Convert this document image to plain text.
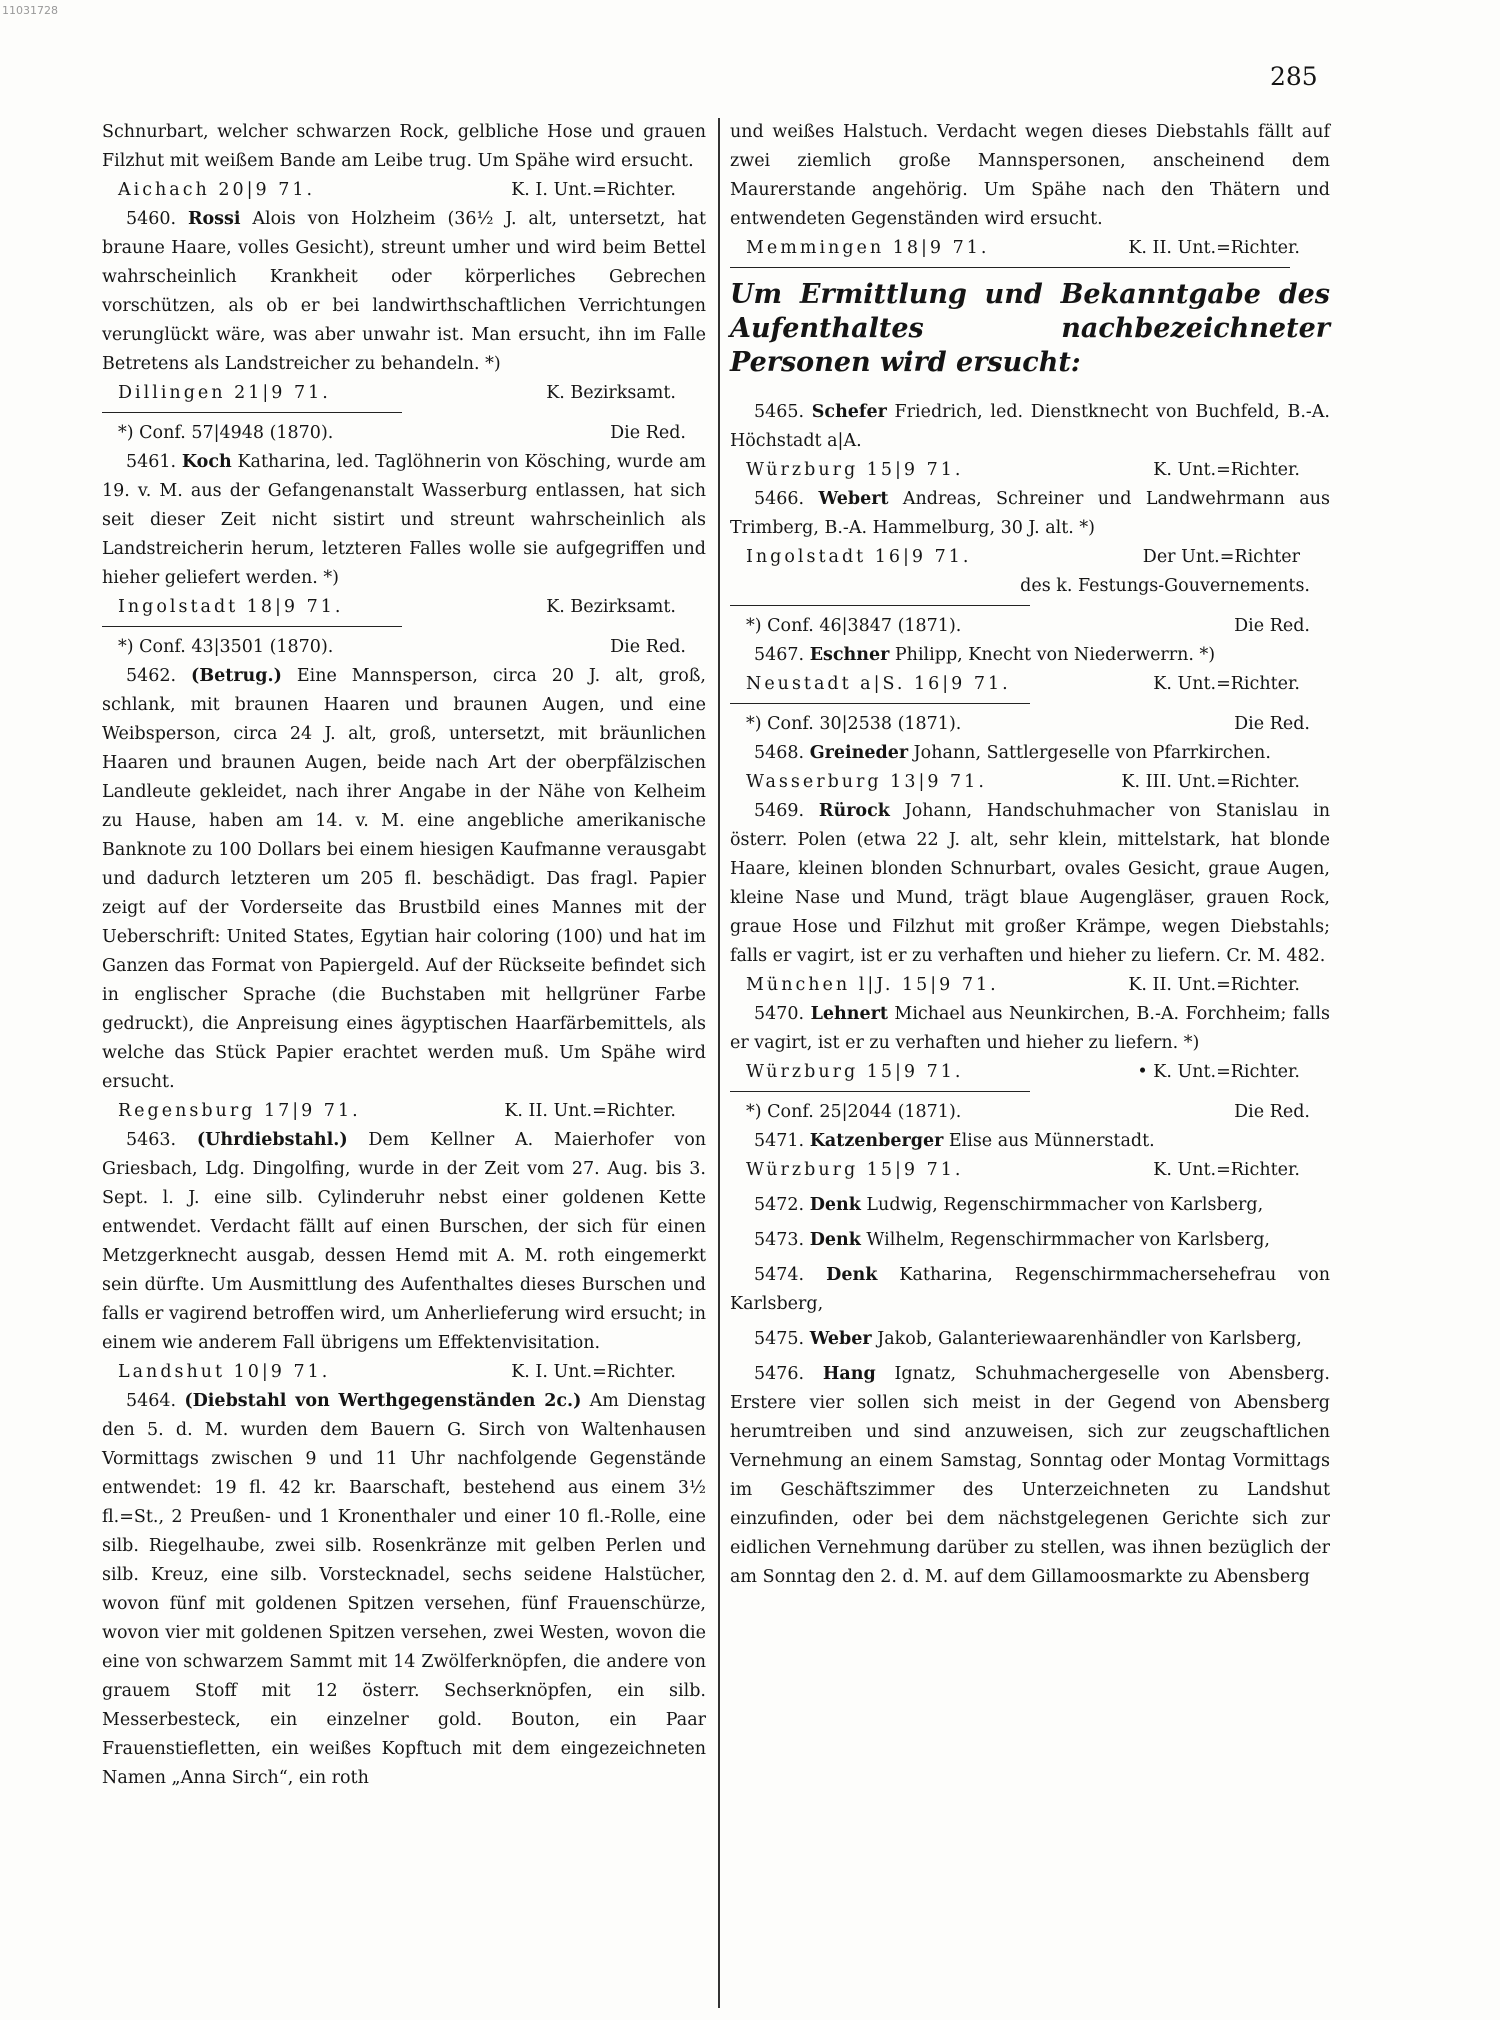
11031728
285

Schnurbart, welcher schwarzen Rock, gelbliche Hose und grauen Filzhut mit weißem Bande am Leibe trug. Um Spähe wird ersucht.

Aichach 20|9 71.	K. I. Unt.=Richter.

5460. Rossi Alois von Holzheim (36½ J. alt, untersetzt, hat braune Haare, volles Gesicht), streunt umher und wird beim Bettel wahrscheinlich Krankheit oder körperliches Gebrechen vorschützen, als ob er bei landwirthschaftlichen Verrichtungen verunglückt wäre, was aber unwahr ist. Man ersucht, ihn im Falle Betretens als Landstreicher zu behandeln. *)

Dillingen 21|9 71.	K. Bezirksamt.
*) Conf. 57|4948 (1870).	Die Red.

5461. Koch Katharina, led. Taglöhnerin von Kösching, wurde am 19. v. M. aus der Gefangenanstalt Wasserburg entlassen, hat sich seit dieser Zeit nicht sistirt und streunt wahrscheinlich als Landstreicherin herum, letzteren Falles wolle sie aufgegriffen und hieher geliefert werden. *)

Ingolstadt 18|9 71.	K. Bezirksamt.
*) Conf. 43|3501 (1870).	Die Red.

5462. (Betrug.) Eine Mannsperson, circa 20 J. alt, groß, schlank, mit braunen Haaren und braunen Augen, und eine Weibsperson, circa 24 J. alt, groß, untersetzt, mit bräunlichen Haaren und braunen Augen, beide nach Art der oberpfälzischen Landleute gekleidet, nach ihrer Angabe in der Nähe von Kelheim zu Hause, haben am 14. v. M. eine angebliche amerikanische Banknote zu 100 Dollars bei einem hiesigen Kaufmanne verausgabt und dadurch letzteren um 205 fl. beschädigt. Das fragl. Papier zeigt auf der Vorderseite das Brustbild eines Mannes mit der Ueberschrift: United States, Egytian hair coloring (100) und hat im Ganzen das Format von Papiergeld. Auf der Rückseite befindet sich in englischer Sprache (die Buchstaben mit hellgrüner Farbe gedruckt), die Anpreisung eines ägyptischen Haarfärbemittels, als welche das Stück Papier erachtet werden muß. Um Spähe wird ersucht.

Regensburg 17|9 71.	K. II. Unt.=Richter.

5463. (Uhrdiebstahl.) Dem Kellner A. Maierhofer von Griesbach, Ldg. Dingolfing, wurde in der Zeit vom 27. Aug. bis 3. Sept. l. J. eine silb. Cylinderuhr nebst einer goldenen Kette entwendet. Verdacht fällt auf einen Burschen, der sich für einen Metzgerknecht ausgab, dessen Hemd mit A. M. roth eingemerkt sein dürfte. Um Ausmittlung des Aufenthaltes dieses Burschen und falls er vagirend betroffen wird, um Anherlieferung wird ersucht; in einem wie anderem Fall übrigens um Effektenvisitation.

Landshut 10|9 71.	K. I. Unt.=Richter.

5464. (Diebstahl von Werthgegenständen 2c.) Am Dienstag den 5. d. M. wurden dem Bauern G. Sirch von Waltenhausen Vormittags zwischen 9 und 11 Uhr nachfolgende Gegenstände entwendet: 19 fl. 42 kr. Baarschaft, bestehend aus einem 3½ fl.=St., 2 Preußen- und 1 Kronenthaler und einer 10 fl.-Rolle, eine silb. Riegelhaube, zwei silb. Rosenkränze mit gelben Perlen und silb. Kreuz, eine silb. Vorstecknadel, sechs seidene Halstücher, wovon fünf mit goldenen Spitzen versehen, fünf Frauenschürze, wovon vier mit goldenen Spitzen versehen, zwei Westen, wovon die eine von schwarzem Sammt mit 14 Zwölferknöpfen, die andere von grauem Stoff mit 12 österr. Sechserknöpfen, ein silb. Messerbesteck, ein einzelner gold. Bouton, ein Paar Frauenstiefletten, ein weißes Kopftuch mit dem eingezeichneten Namen „Anna Sirch“, ein roth

und weißes Halstuch. Verdacht wegen dieses Diebstahls fällt auf zwei ziemlich große Mannspersonen, anscheinend dem Maurerstande angehörig. Um Spähe nach den Thätern und entwendeten Gegenständen wird ersucht.

Memmingen 18|9 71.	K. II. Unt.=Richter.
Um Ermittlung und Bekanntgabe des Aufenthaltes nachbezeichneter Personen wird ersucht:

5465. Schefer Friedrich, led. Dienstknecht von Buchfeld, B.-A. Höchstadt a|A.

Würzburg 15|9 71.	K. Unt.=Richter.

5466. Webert Andreas, Schreiner und Landwehrmann aus Trimberg, B.-A. Hammelburg, 30 J. alt. *)

Ingolstadt 16|9 71.	Der Unt.=Richter
des k. Festungs-Gouvernements.
*) Conf. 46|3847 (1871).	Die Red.

5467. Eschner Philipp, Knecht von Niederwerrn. *)

Neustadt a|S. 16|9 71.	K. Unt.=Richter.
*) Conf. 30|2538 (1871).	Die Red.

5468. Greineder Johann, Sattlergeselle von Pfarrkirchen.

Wasserburg 13|9 71.	K. III. Unt.=Richter.

5469. Rürock Johann, Handschuhmacher von Stanislau in österr. Polen (etwa 22 J. alt, sehr klein, mittelstark, hat blonde Haare, kleinen blonden Schnurbart, ovales Gesicht, graue Augen, kleine Nase und Mund, trägt blaue Augengläser, grauen Rock, graue Hose und Filzhut mit großer Krämpe, wegen Diebstahls; falls er vagirt, ist er zu verhaften und hieher zu liefern. Cr. M. 482.

München l|J. 15|9 71.	K. II. Unt.=Richter.

5470. Lehnert Michael aus Neunkirchen, B.-A. Forchheim; falls er vagirt, ist er zu verhaften und hieher zu liefern. *)

Würzburg 15|9 71.	• K. Unt.=Richter.
*) Conf. 25|2044 (1871).	Die Red.

5471. Katzenberger Elise aus Münnerstadt.

Würzburg 15|9 71.	K. Unt.=Richter.

5472. Denk Ludwig, Regenschirmmacher von Karlsberg,

5473. Denk Wilhelm, Regenschirmmacher von Karlsberg,

5474. Denk Katharina, Regenschirmmachersehefrau von Karlsberg,

5475. Weber Jakob, Galanteriewaarenhändler von Karlsberg,

5476. Hang Ignatz, Schuhmachergeselle von Abensberg. Erstere vier sollen sich meist in der Gegend von Abensberg herumtreiben und sind anzuweisen, sich zur zeugschaftlichen Vernehmung an einem Samstag, Sonntag oder Montag Vormittags im Geschäftszimmer des Unterzeichneten zu Landshut einzufinden, oder bei dem nächstgelegenen Gerichte sich zur eidlichen Vernehmung darüber zu stellen, was ihnen bezüglich der am Sonntag den 2. d. M. auf dem Gillamoosmarkte zu Abensberg
